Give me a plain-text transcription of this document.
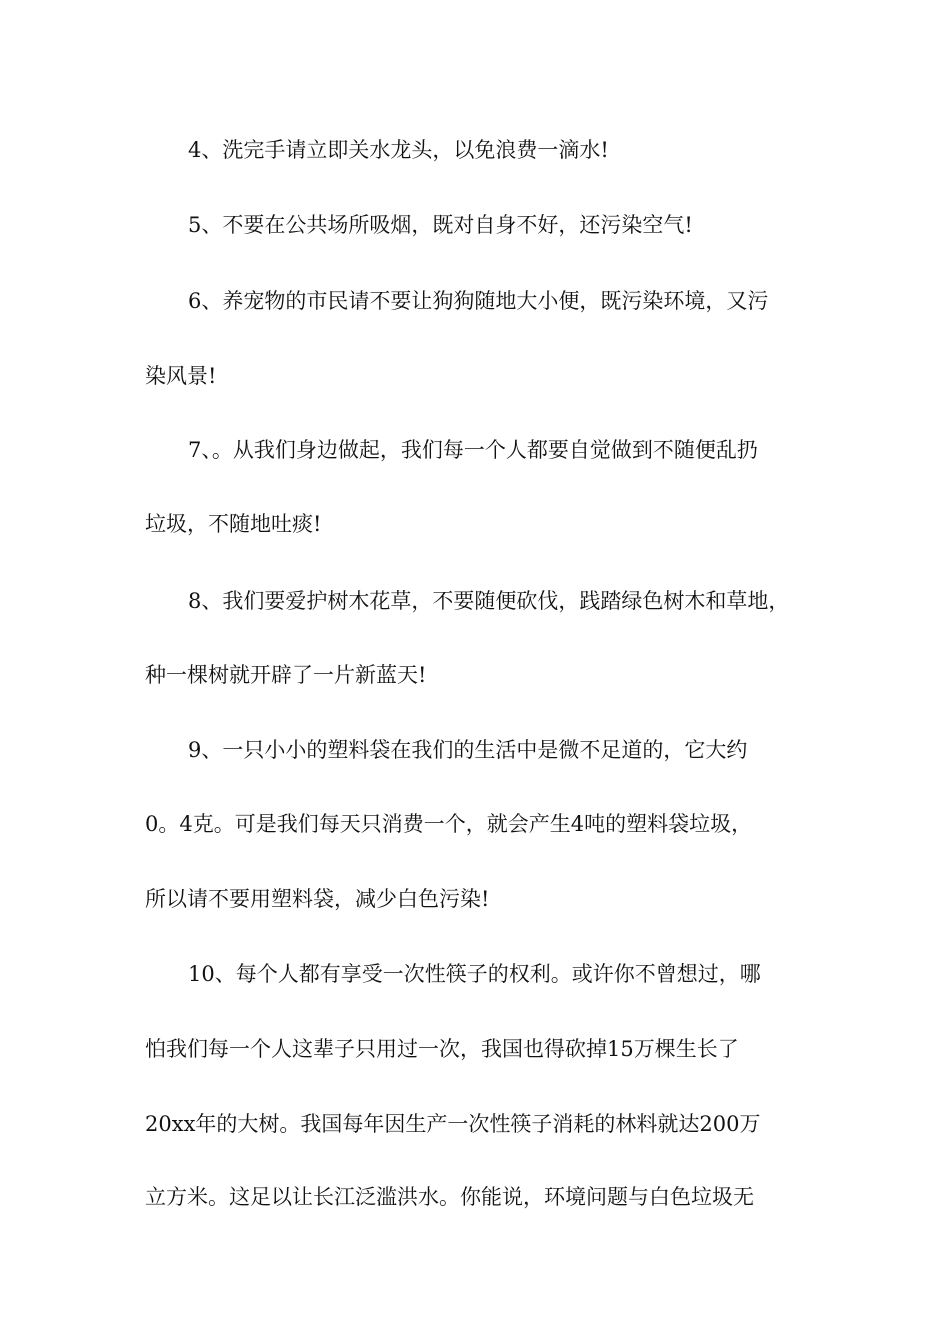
4、洗完手请立即关水龙头，以免浪费一滴水!
5、不要在公共场所吸烟，既对自身不好，还污染空气!
6、养宠物的市民请不要让狗狗随地大小便，既污染环境，又污
染风景!
7、。从我们身边做起，我们每一个人都要自觉做到不随便乱扔
垃圾，不随地吐痰!
8、我们要爱护树木花草，不要随便砍伐，践踏绿色树木和草地，
种一棵树就开辟了一片新蓝天!
9、一只小小的塑料袋在我们的生活中是微不足道的，它大约
0。4克。可是我们每天只消费一个，就会产生4吨的塑料袋垃圾，
所以请不要用塑料袋，减少白色污染!
10、每个人都有享受一次性筷子的权利。或许你不曾想过，哪
怕我们每一个人这辈子只用过一次，我国也得砍掉15万棵生长了
20xx年的大树。我国每年因生产一次性筷子消耗的林料就达200万
立方米。这足以让长江泛滥洪水。你能说，环境问题与白色垃圾无
